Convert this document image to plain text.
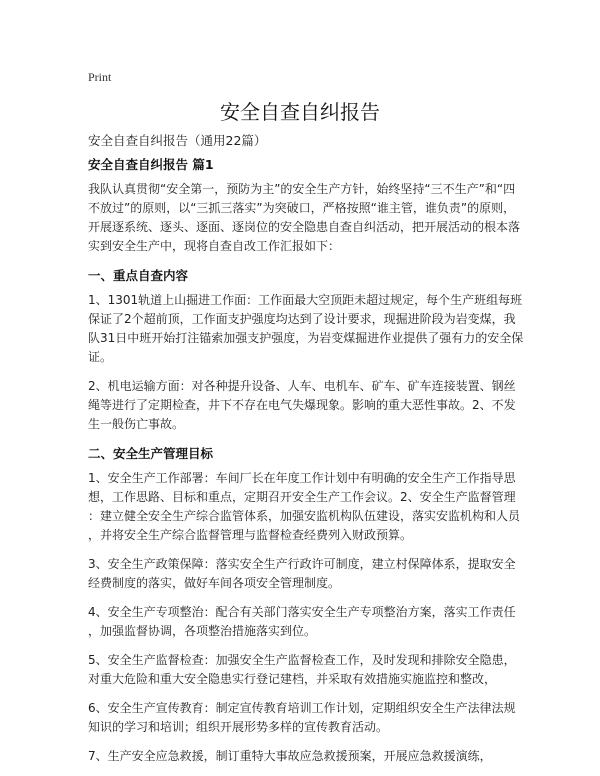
Print
安全自查自纠报告
安全自查自纠报告（通用22篇）
安全自查自纠报告 篇1

我队认真贯彻“安全第一，预防为主”的安全生产方针，始终坚持“三不生产”和“四
不放过”的原则，以“三抓三落实”为突破口，严格按照“谁主管，谁负责”的原则，
开展逐系统、逐头、逐面、逐岗位的安全隐患自查自纠活动，把开展活动的根本落
实到安全生产中，现将自查自改工作汇报如下：

一、重点自查内容

1、1301轨道上山掘进工作面：工作面最大空顶距未超过规定，每个生产班组每班
保证了2个超前顶，工作面支护强度均达到了设计要求，现掘进阶段为岩变煤，我
队31日中班开始打注锚索加强支护强度，为岩变煤掘进作业提供了强有力的安全保
证。

2、机电运输方面：对各种提升设备、人车、电机车、矿车、矿车连接装置、钢丝
绳等进行了定期检查，井下不存在电气失爆现象。影响的重大恶性事故。2、不发
生一般伤亡事故。

二、安全生产管理目标

1、安全生产工作部署：车间厂长在年度工作计划中有明确的安全生产工作指导思
想，工作思路、目标和重点，定期召开安全生产工作会议。2、安全生产监督管理
：建立健全安全生产综合监管体系，加强安监机构队伍建设，落实安监机构和人员
，并将安全生产综合监督管理与监督检查经费列入财政预算。

3、安全生产政策保障：落实安全生产行政许可制度，建立村保障体系，提取安全
经费制度的落实，做好车间各项安全管理制度。

4、安全生产专项整治：配合有关部门落实安全生产专项整治方案，落实工作责任
，加强监督协调，各项整治措施落实到位。

5、安全生产监督检查：加强安全生产监督检查工作，及时发现和排除安全隐患，
对重大危险和重大安全隐患实行登记建档，并采取有效措施实施监控和整改，

6、安全生产宣传教育：制定宣传教育培训工作计划，定期组织安全生产法律法规
知识的学习和培训；组织开展形势多样的宣传教育活动。

7、生产安全应急救援，制订重特大事故应急救援预案，开展应急救援演练，
